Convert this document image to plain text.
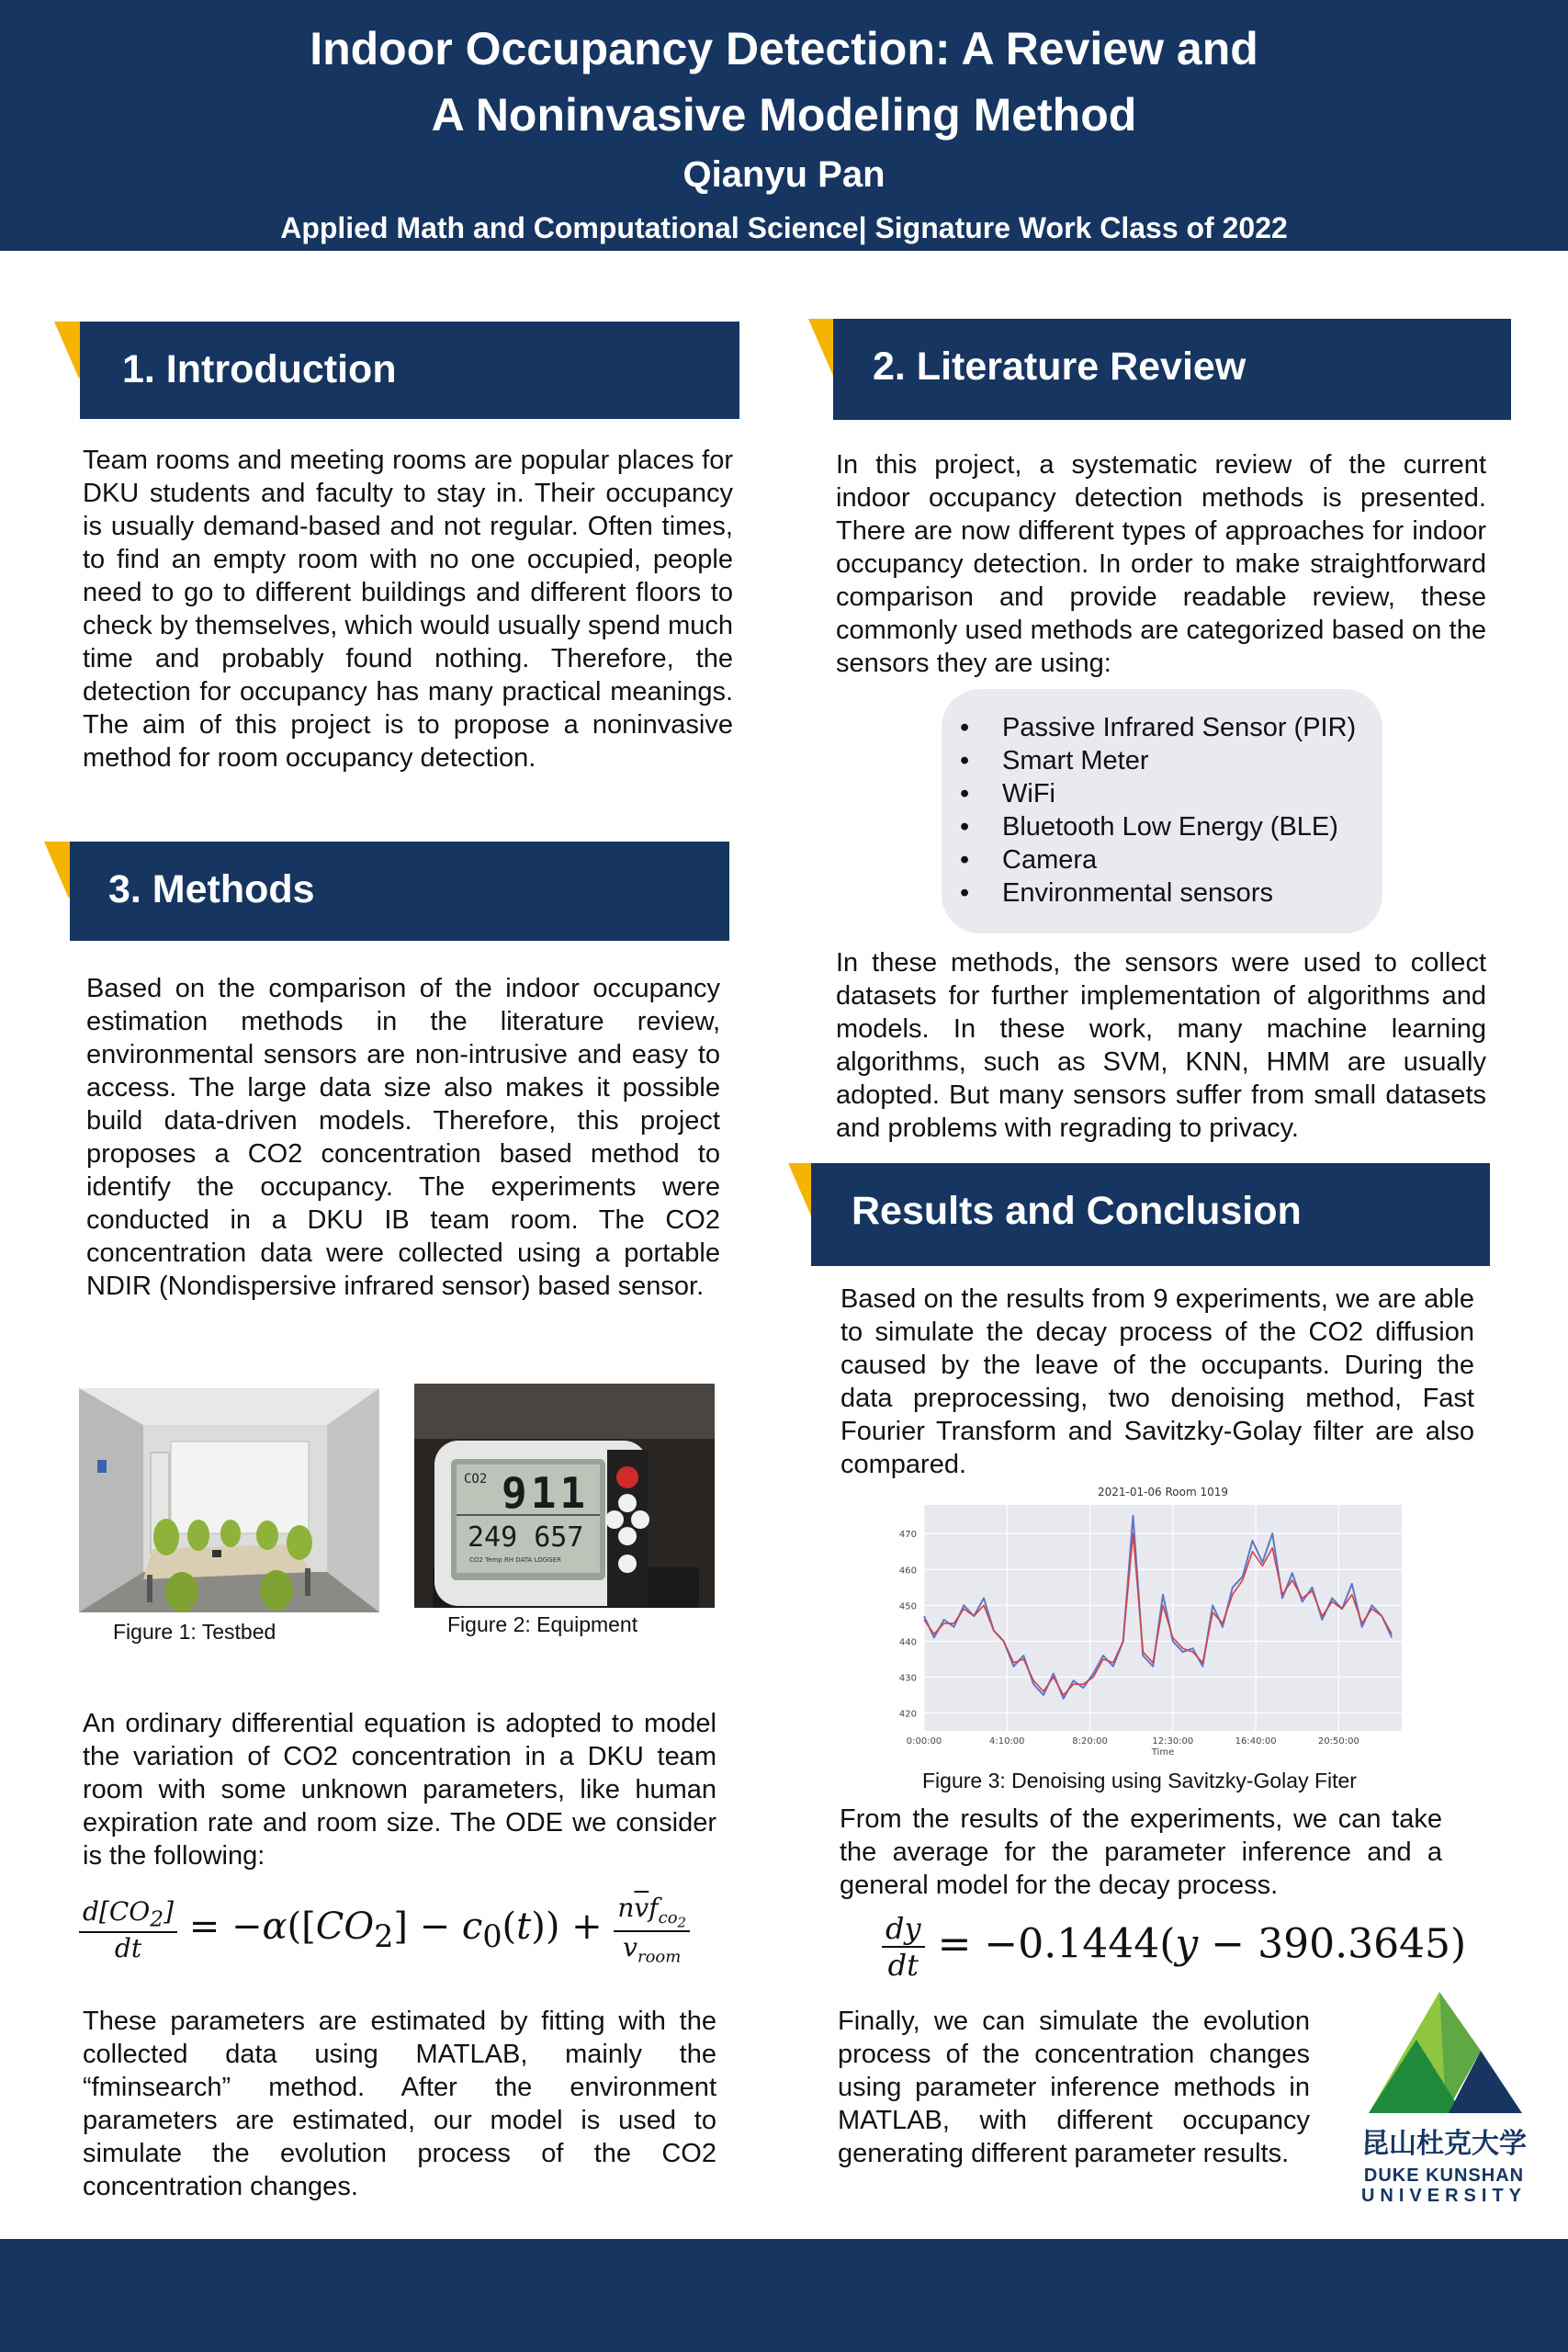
Indoor Occupancy Detection: A Review and
A Noninvasive Modeling Method
Qianyu Pan
Applied Math and Computational Science| Signature Work Class of 2022
1. Introduction

Team rooms and meeting rooms are popular places for DKU students and faculty to stay in. Their occupancy is usually demand-based and not regular. Often times, to find an empty room with no one occupied, people need to go to different buildings and different floors to check by themselves, which would usually spend much time and probably found nothing. Therefore, the detection for occupancy has many practical meanings. The aim of this project is to propose a noninvasive method for room occupancy detection.

3. Methods

Based on the comparison of the indoor occupancy estimation methods in the literature review, environmental sensors are non-intrusive and easy to access. The large data size also makes it possible build data-driven models. Therefore, this project proposes a CO2 concentration based method to identify the occupancy. The experiments were conducted in a DKU IB team room. The CO2 concentration data were collected using a portable NDIR (Nondispersive infrared sensor) based sensor.

Figure 1: Testbed
CO2 911
249 657
CO2 Temp RH DATA LOGGER
Figure 2: Equipment

An ordinary differential equation is adopted to model the variation of CO2 concentration in a DKU team room with some unknown parameters, like human expiration rate and room size. The ODE we consider is the following:

$\frac{d[CO_2]}{dt} = -\alpha([CO_2] - c_0(t)) + \frac{n\overline{v}f_{co_2}}{v_{room}}$

These parameters are estimated by fitting with the collected data using MATLAB, mainly the “fminsearch” method. After the environment parameters are estimated, our model is used to simulate the evolution process of the CO2 concentration changes.

2. Literature Review

In this project, a systematic review of the current indoor occupancy detection methods is presented. There are now different types of approaches for indoor occupancy detection. In order to make straightforward comparison and provide readable review, these commonly used methods are categorized based on the sensors they are using:

• Passive Infrared Sensor (PIR)
• Smart Meter
• WiFi
• Bluetooth Low Energy (BLE)
• Camera
• Environmental sensors

In these methods, the sensors were used to collect datasets for further implementation of algorithms and models. In these work, many machine learning algorithms, such as SVM, KNN, HMM are usually adopted. But many sensors suffer from small datasets and problems with regrading to privacy.

Results and Conclusion

Based on the results from 9 experiments, we are able to simulate the decay process of the CO2 diffusion caused by the leave of the occupants. During the data preprocessing, two denoising method, Fast Fourier Transform and Savitzky-Golay filter are also compared.

2021-01-06 Room 1019
420
430
440
450
460
470
0:00:00	4:10:00	8:20:00	12:30:00	16:40:00	20:50:00
Time
Figure 3: Denoising using Savitzky-Golay Fiter

From the results of the experiments, we can take the average for the parameter inference and a general model for the decay process.

$\frac{dy}{dt} = -0.1444(y - 390.3645)$

Finally, we can simulate the evolution process of the concentration changes using parameter inference methods in MATLAB, with different occupancy generating different parameter results.	昆山杜克大学
DUKE KUNSHAN
UNIVERSITY
